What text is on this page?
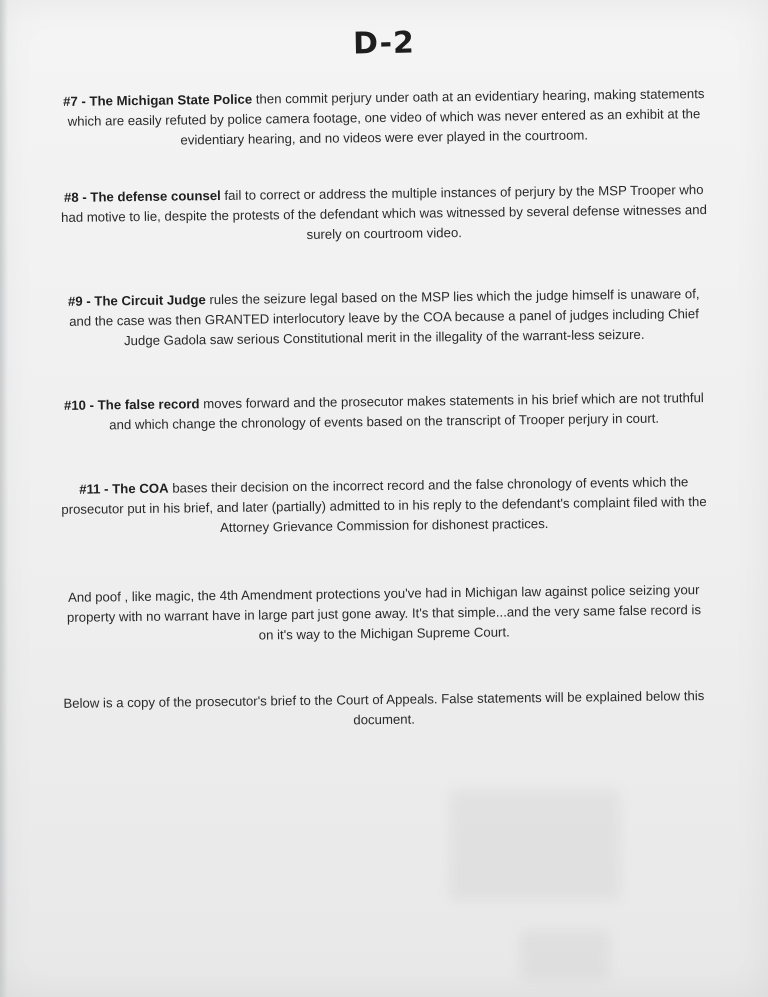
D-2
#7 - The Michigan State Police then commit perjury under oath at an evidentiary hearing, making statements which are easily refuted by police camera footage, one video of which was never entered as an exhibit at the evidentiary hearing, and no videos were ever played in the courtroom.
#8 - The defense counsel fail to correct or address the multiple instances of perjury by the MSP Trooper who had motive to lie, despite the protests of the defendant which was witnessed by several defense witnesses and surely on courtroom video.
#9 - The Circuit Judge rules the seizure legal based on the MSP lies which the judge himself is unaware of, and the case was then GRANTED interlocutory leave by the COA because a panel of judges including Chief Judge Gadola saw serious Constitutional merit in the illegality of the warrant-less seizure.
#10 - The false record moves forward and the prosecutor makes statements in his brief which are not truthful and which change the chronology of events based on the transcript of Trooper perjury in court.
#11 - The COA bases their decision on the incorrect record and the false chronology of events which the prosecutor put in his brief, and later (partially) admitted to in his reply to the defendant's complaint filed with the Attorney Grievance Commission for dishonest practices.
And poof , like magic, the 4th Amendment protections you've had in Michigan law against police seizing your property with no warrant have in large part just gone away. It's that simple...and the very same false record is on it's way to the Michigan Supreme Court.
Below is a copy of the prosecutor's brief to the Court of Appeals. False statements will be explained below this document.
